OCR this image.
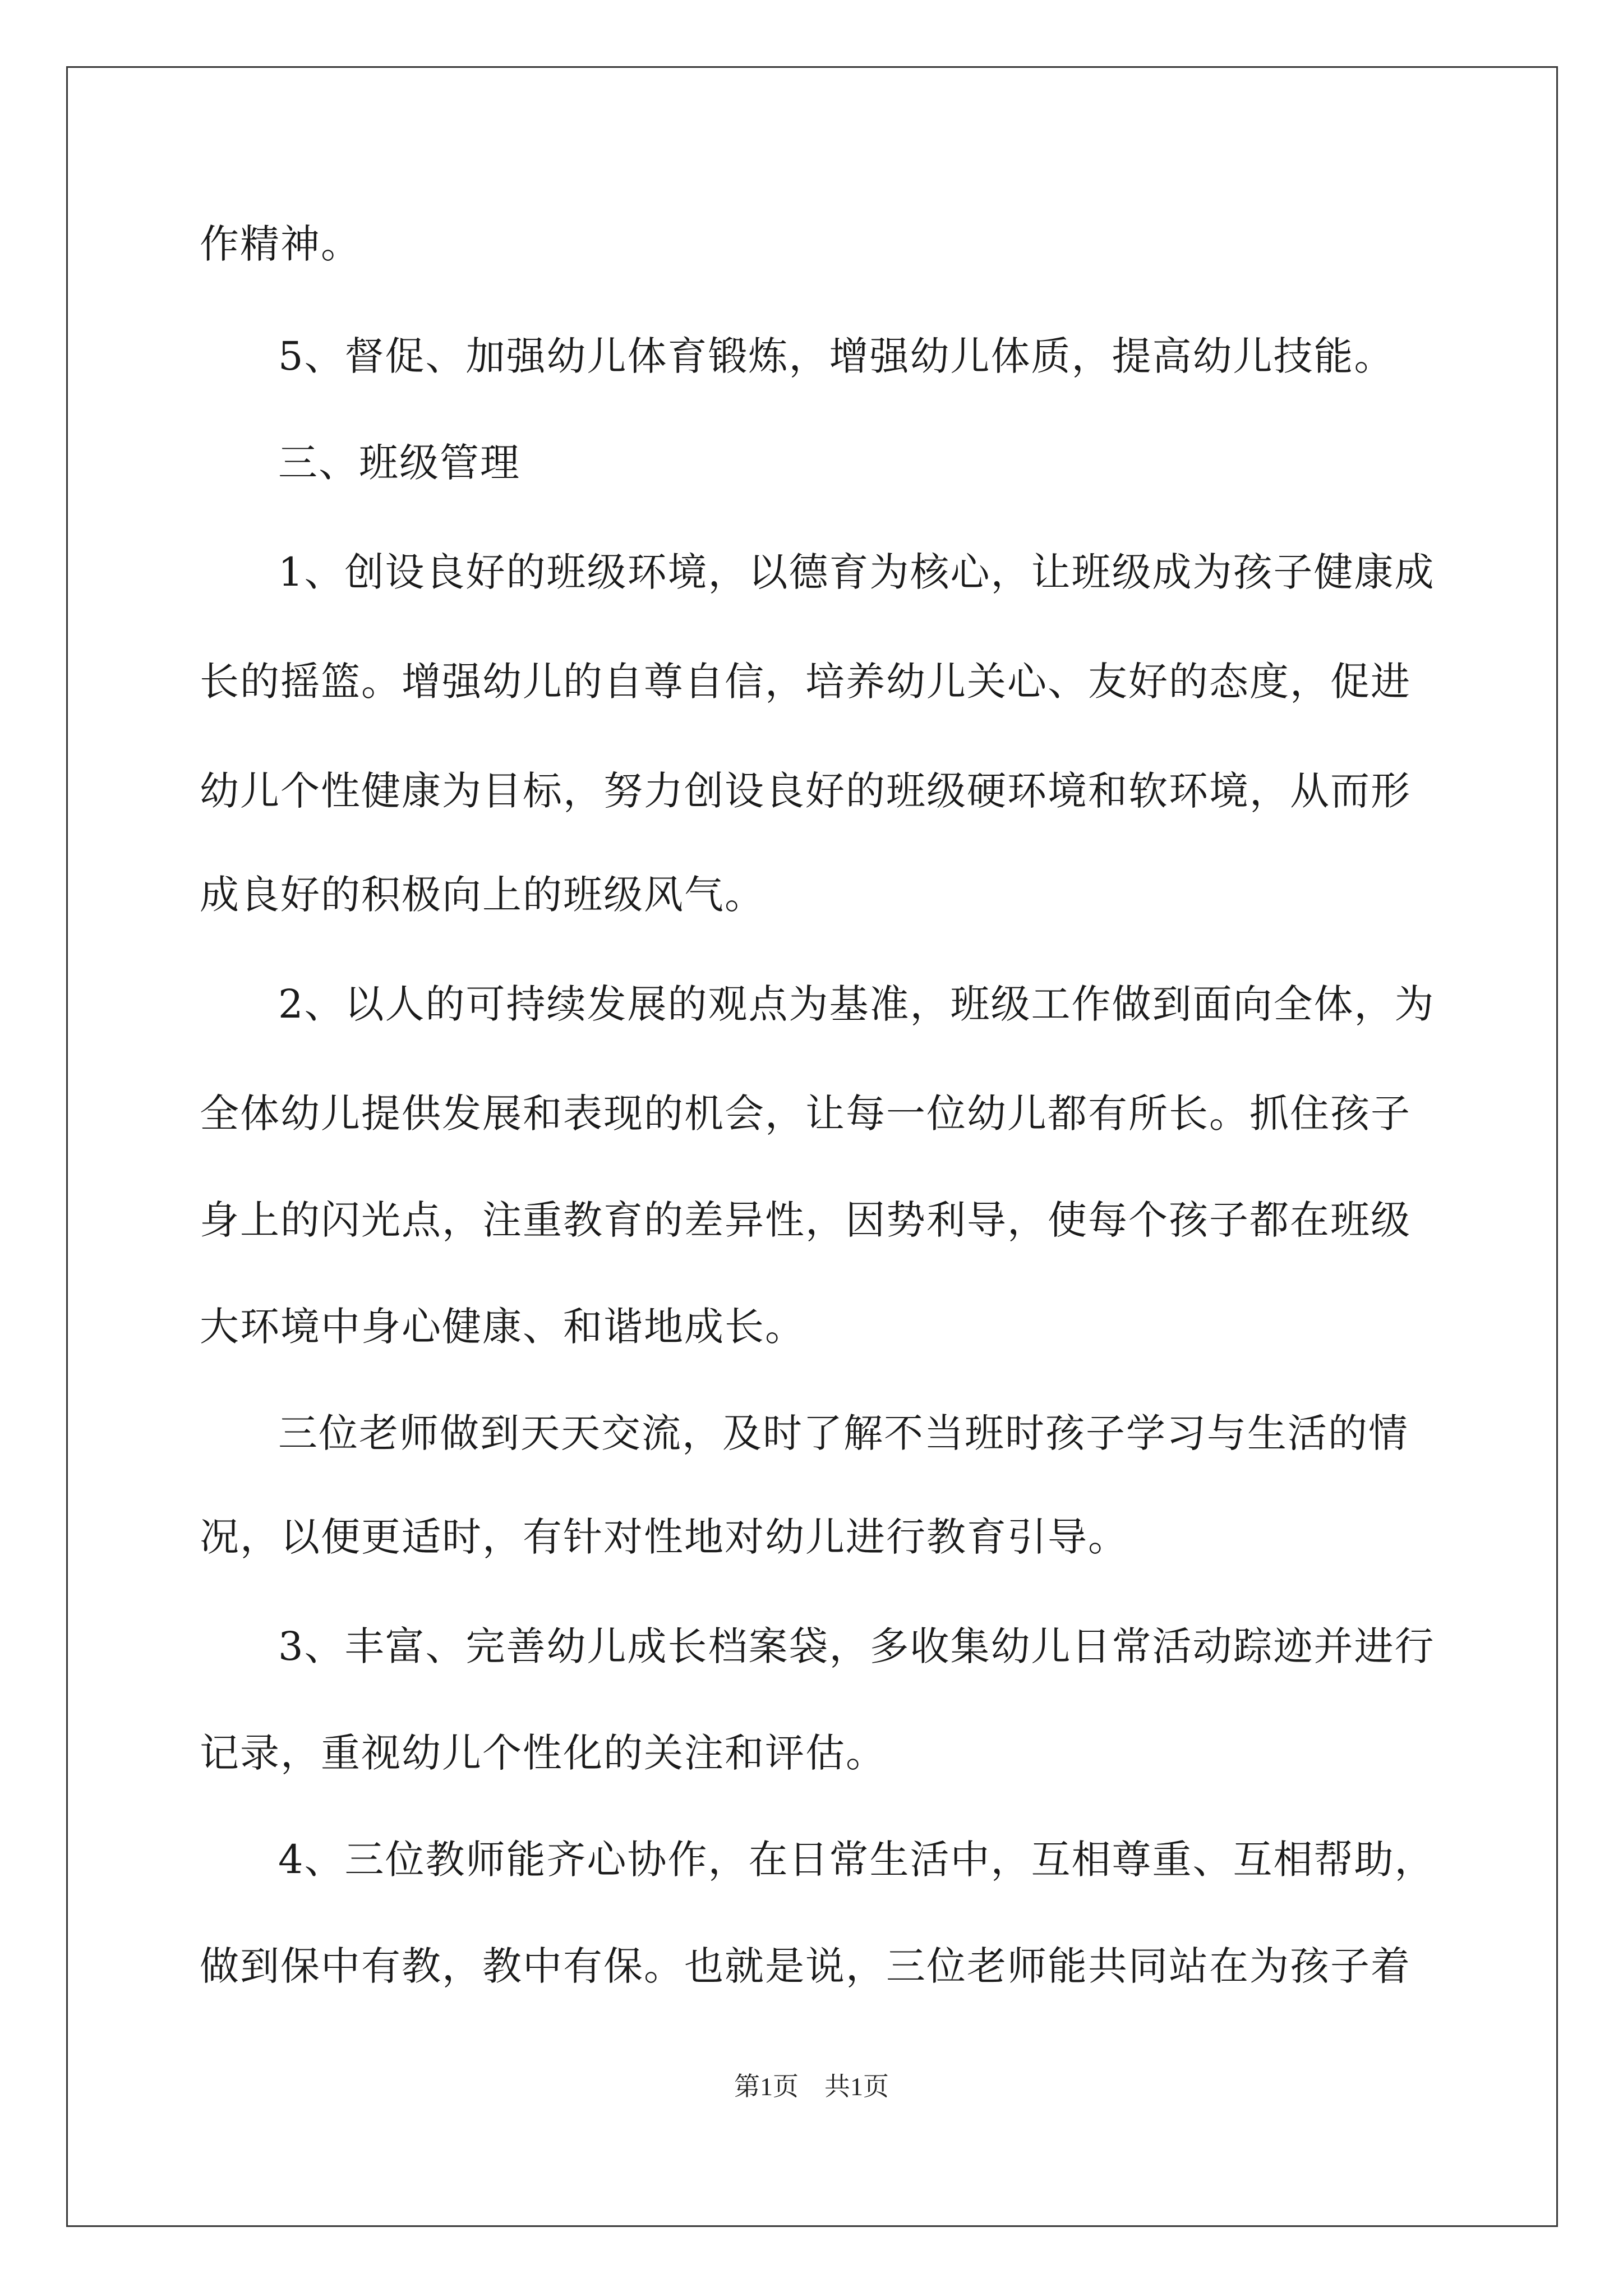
作精神。
5、督促、加强幼儿体育锻炼，增强幼儿体质，提高幼儿技能。
三、班级管理
1、创设良好的班级环境，以德育为核心，让班级成为孩子健康成
长的摇篮。增强幼儿的自尊自信，培养幼儿关心、友好的态度，促进
幼儿个性健康为目标，努力创设良好的班级硬环境和软环境，从而形
成良好的积极向上的班级风气。
2、以人的可持续发展的观点为基准，班级工作做到面向全体，为
全体幼儿提供发展和表现的机会，让每一位幼儿都有所长。抓住孩子
身上的闪光点，注重教育的差异性，因势利导，使每个孩子都在班级
大环境中身心健康、和谐地成长。
三位老师做到天天交流，及时了解不当班时孩子学习与生活的情
况，以便更适时，有针对性地对幼儿进行教育引导。
3、丰富、完善幼儿成长档案袋，多收集幼儿日常活动踪迹并进行
记录，重视幼儿个性化的关注和评估。
4、三位教师能齐心协作，在日常生活中，互相尊重、互相帮助，
做到保中有教，教中有保。也就是说，三位老师能共同站在为孩子着
第1页　共1页
